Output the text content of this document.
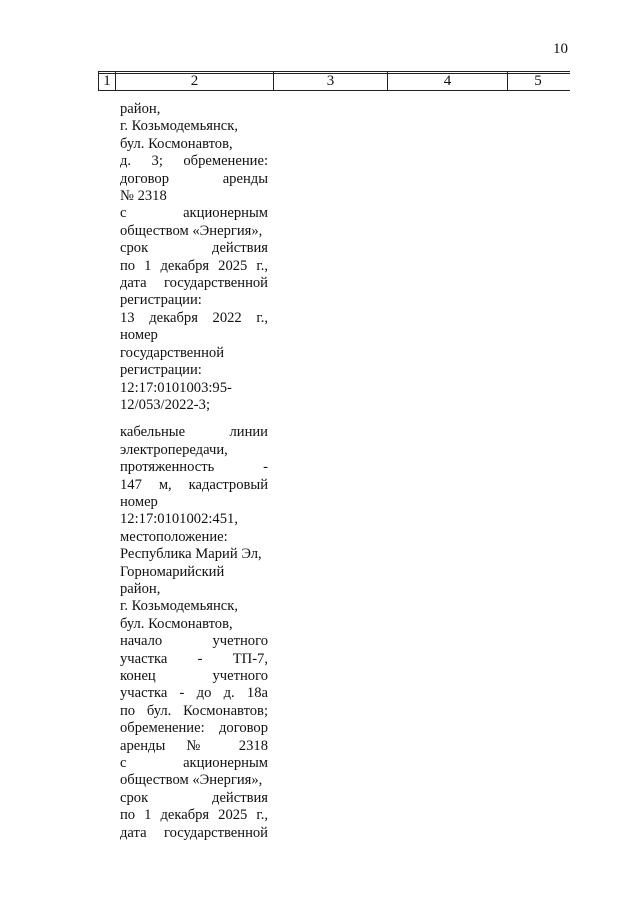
10
1	2	3	4	5
район,
г. Козьмодемьянск,
бул. Космонавтов,
д. 3; обременение:
договор аренды
№ 2318
с акционерным
обществом «Энергия»,
срок действия
по 1 декабря 2025 г.,
дата государственной
регистрации:
13 декабря 2022 г.,
номер
государственной
регистрации:
12:17:0101003:95-
12/053/2022-3;
кабельные линии
электропередачи,
протяженность -
147 м, кадастровый
номер
12:17:0101002:451,
местоположение:
Республика Марий Эл,
Горномарийский
район,
г. Козьмодемьянск,
бул. Космонавтов,
начало учетного
участка - ТП-7,
конец учетного
участка - до д. 18а
по бул. Космонавтов;
обременение: договор
аренды № 2318
с акционерным
обществом «Энергия»,
срок действия
по 1 декабря 2025 г.,
дата государственной
